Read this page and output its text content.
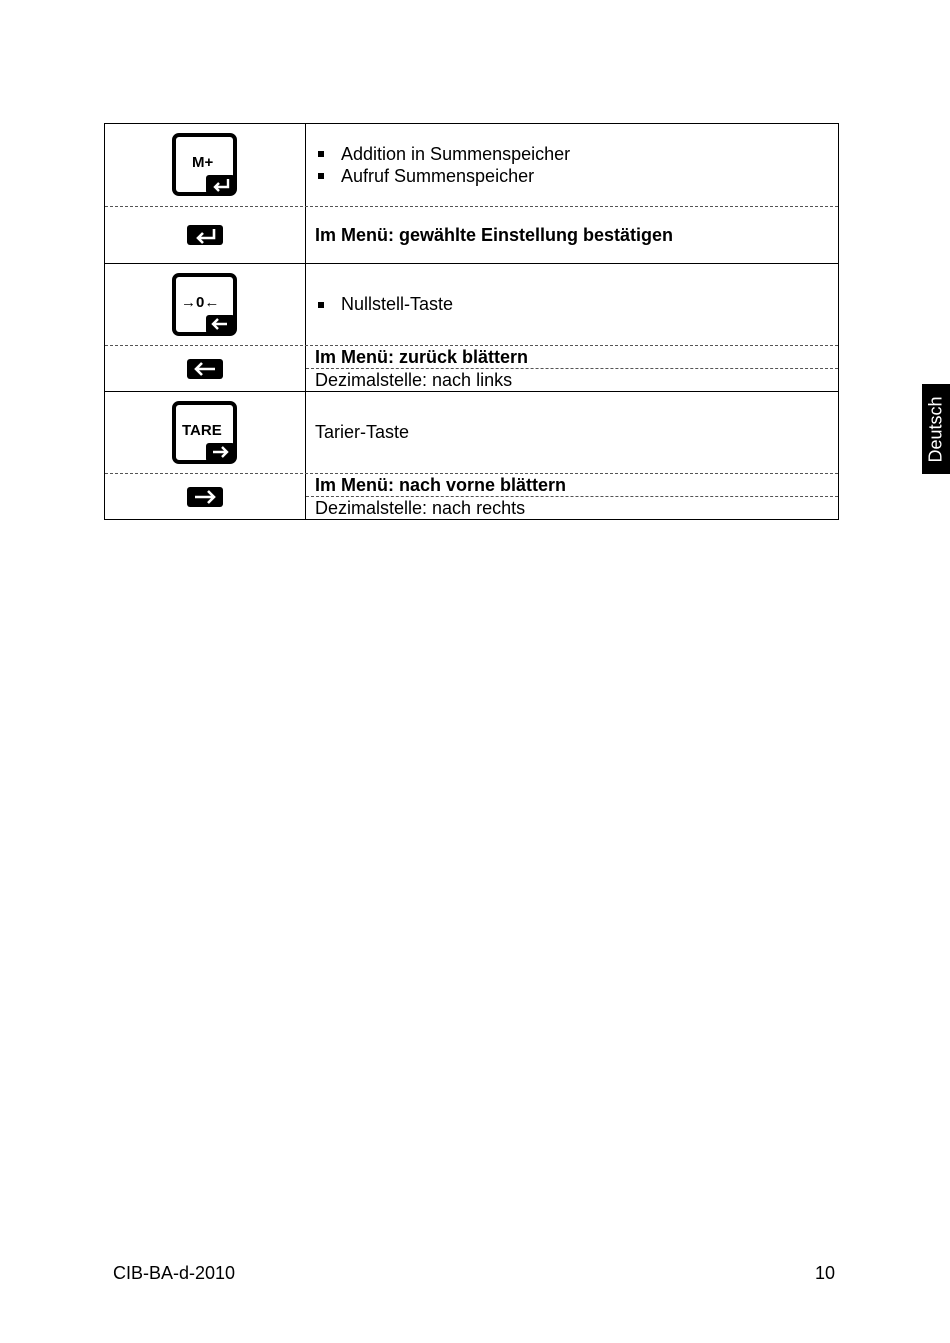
M+	Addition in Summenspeicher
Aufruf Summenspeicher
Im Menü: gewählte Einstellung bestätigen
→0←	Nullstell-Taste
Im Menü: zurück blättern
Dezimalstelle: nach links
TARE	Tarier-Taste
Im Menü: nach vorne blättern
Dezimalstelle: nach rechts
Deutsch
CIB-BA-d-2010	10
